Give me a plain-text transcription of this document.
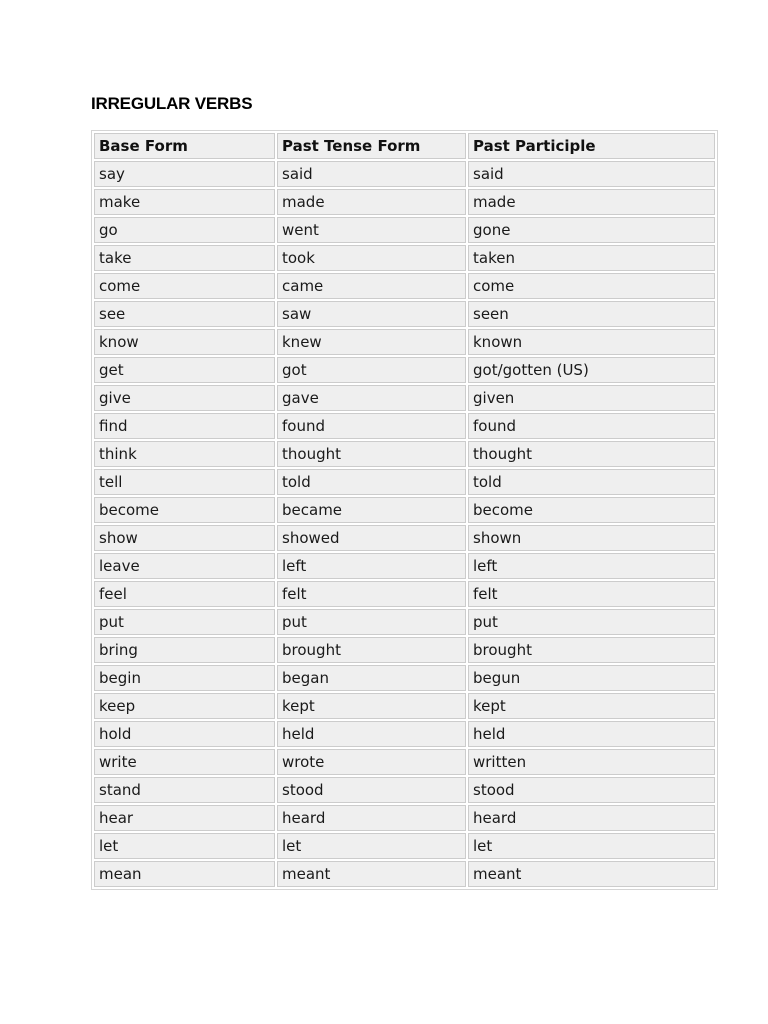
IRREGULAR VERBS
Base Form	Past Tense Form	Past Participle
say	said	said
make	made	made
go	went	gone
take	took	taken
come	came	come
see	saw	seen
know	knew	known
get	got	got/gotten (US)
give	gave	given
find	found	found
think	thought	thought
tell	told	told
become	became	become
show	showed	shown
leave	left	left
feel	felt	felt
put	put	put
bring	brought	brought
begin	began	begun
keep	kept	kept
hold	held	held
write	wrote	written
stand	stood	stood
hear	heard	heard
let	let	let
mean	meant	meant
